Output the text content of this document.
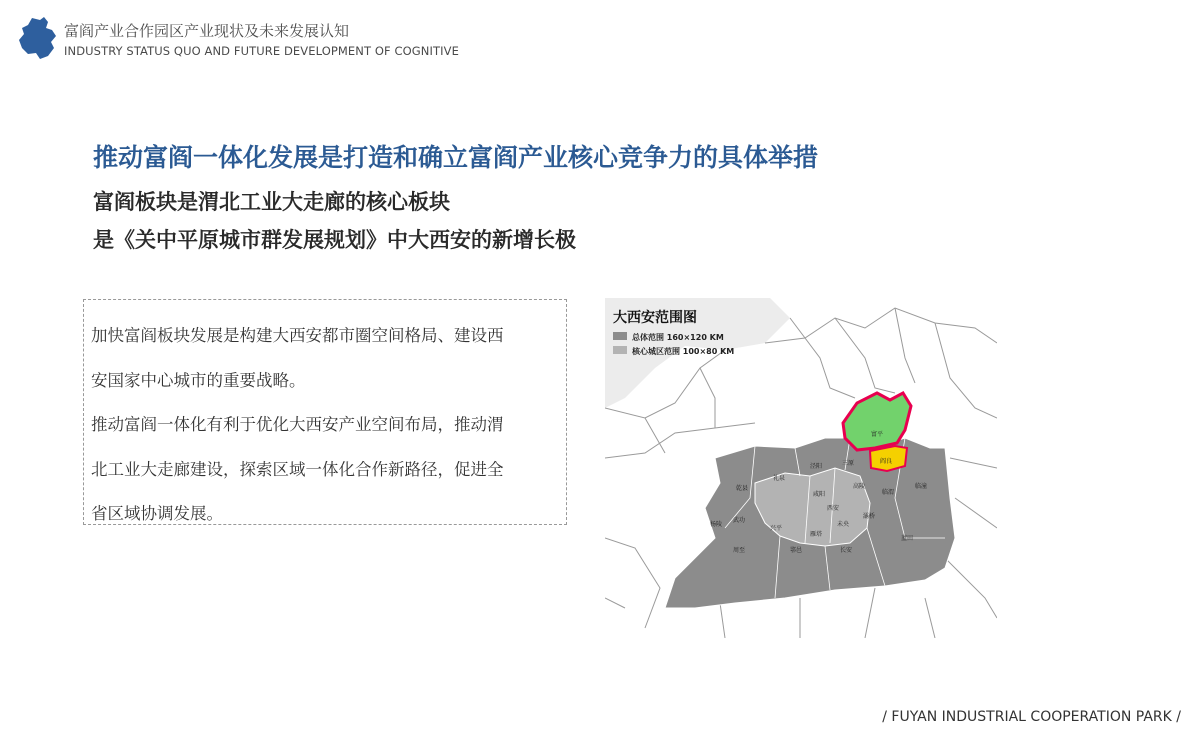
富阎产业合作园区产业现状及未来发展认知
INDUSTRY STATUS QUO AND FUTURE DEVELOPMENT OF COGNITIVE
推动富阎一体化发展是打造和确立富阎产业核心竞争力的具体举措
富阎板块是渭北工业大走廊的核心板块
是《关中平原城市群发展规划》中大西安的新增长极

加快富阎板块发展是构建大西安都市圈空间格局、建设西

安国家中心城市的重要战略。

推动富阎一体化有利于优化大西安产业空间布局，推动渭

北工业大走廊建设，探索区域一体化合作新路径，促进全

省区域协调发展。

大西安范围图
总体范围 160×120 KM
核心城区范围 100×80 KM
富平
阎良
泾阳	三原
高陵
临渭
临潼
乾县
礼泉
武功
杨陵
兴平
咸阳
西安
长安
鄠邑
周至
蓝田
灞桥
未央
雁塔
/ FUYAN INDUSTRIAL COOPERATION PARK /
